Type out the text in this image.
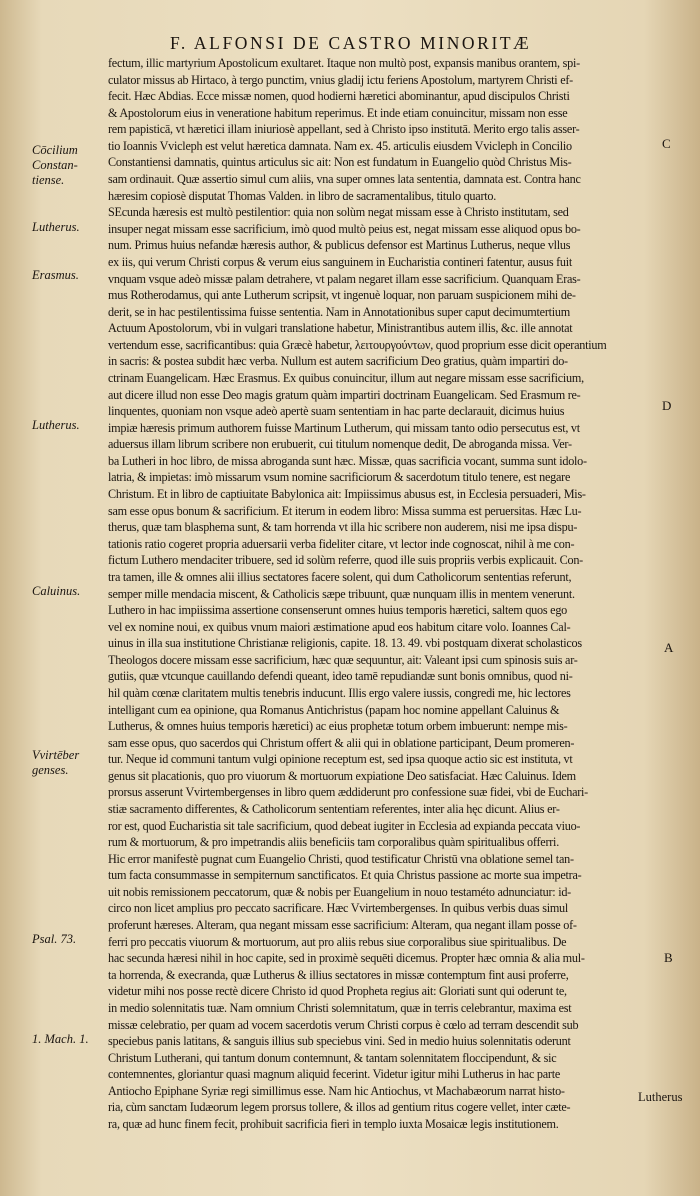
F. ALFONSI DE CASTRO MINORITÆ
fectum, illic martyrium Apostolicum exultaret. Itaque non multò post, expansis manibus orantem, spi-
culator missus ab Hirtaco, à tergo punctim, vnius gladij ictu feriens Apostolum, martyrem Christi ef-
fecit. Hæc Abdias. Ecce missæ nomen, quod hodierni hæretici abominantur, apud discipulos Christi
& Apostolorum eius in veneratione habitum reperimus. Et inde etiam conuincitur, missam non esse
rem papisticā, vt hæretici illam iniuriosè appellant, sed à Christo ipso institutā. Merito ergo talis asser-
tio Ioannis Vvicleph est velut hæretica damnata. Nam ex. 45. articulis eiusdem Vvicleph in Concilio
Constantiensi damnatis, quintus articulus sic ait: Non est fundatum in Euangelio quòd Christus Mis-
sam ordinauit. Quæ assertio simul cum aliis, vna super omnes lata sententia, damnata est. Contra hanc
hæresim copiosè disputat Thomas Valden. in libro de sacramentalibus, titulo quarto.
SEcunda hæresis est multò pestilentior: quia non solùm negat missam esse à Christo institutam, sed
insuper negat missam esse sacrificium, imò quod multò peius est, negat missam esse aliquod opus bo-
num. Primus huius nefandæ hæresis author, & publicus defensor est Martinus Lutherus, neque vllus
ex iis, qui verum Christi corpus & verum eius sanguinem in Eucharistia contineri fatentur, ausus fuit
vnquam vsque adeò missæ palam detrahere, vt palam negaret illam esse sacrificium. Quanquam Eras-
mus Rotherodamus, qui ante Lutherum scripsit, vt ingenuè loquar, non paruam suspicionem mihi de-
derit, se in hac pestilentissima fuisse sententia. Nam in Annotationibus super caput decimumtertium
Actuum Apostolorum, vbi in vulgari translatione habetur, Ministrantibus autem illis, &c. ille annotat
vertendum esse, sacrificantibus: quia Græcè habetur, λειτουργούντων, quod proprium esse dicit operantium
in sacris: & postea subdit hæc verba. Nullum est autem sacrificium Deo gratius, quàm impartiri do-
ctrinam Euangelicam. Hæc Erasmus. Ex quibus conuincitur, illum aut negare missam esse sacrificium,
aut dicere illud non esse Deo magis gratum quàm impartiri doctrinam Euangelicam. Sed Erasmum re-
linquentes, quoniam non vsque adeò apertè suam sententiam in hac parte declarauit, dicimus huius
impiæ hæresis primum authorem fuisse Martinum Lutherum, qui missam tanto odio persecutus est, vt
aduersus illam librum scribere non erubuerit, cui titulum nomenque dedit, De abroganda missa. Ver-
ba Lutheri in hoc libro, de missa abroganda sunt hæc. Missæ, quas sacrificia vocant, summa sunt idolo-
latria, & impietas: imò missarum vsum nomine sacrificiorum & sacerdotum titulo tenere, est negare
Christum. Et in libro de captiuitate Babylonica ait: Impiissimus abusus est, in Ecclesia persuaderi, Mis-
sam esse opus bonum & sacrificium. Et iterum in eodem libro: Missa summa est peruersitas. Hæc Lu-
therus, quæ tam blasphema sunt, & tam horrenda vt illa hic scribere non auderem, nisi me ipsa dispu-
tationis ratio cogeret propria aduersarii verba fideliter citare, vt lector inde cognoscat, nihil à me con-
fictum Luthero mendaciter tribuere, sed id solùm referre, quod ille suis propriis verbis explicauit. Con-
tra tamen, ille & omnes alii illius sectatores facere solent, qui dum Catholicorum sententias referunt,
semper mille mendacia miscent, & Catholicis sæpe tribuunt, quæ nunquam illis in mentem venerunt.
Luthero in hac impiissima assertione consenserunt omnes huius temporis hæretici, saltem quos ego
vel ex nomine noui, ex quibus vnum maiori æstimatione apud eos habitum citare volo. Ioannes Cal-
uinus in illa sua institutione Christianæ religionis, capite. 18. 13. 49. vbi postquam dixerat scholasticos
Theologos docere missam esse sacrificium, hæc quæ sequuntur, ait: Valeant ipsi cum spinosis suis ar-
gutiis, quæ vtcunque cauillando defendi queant, ideo tamē repudiandæ sunt bonis omnibus, quod ni-
hil quàm cœnæ claritatem multis tenebris inducunt. Illis ergo valere iussis, congredi me, hic lectores
intelligant cum ea opinione, qua Romanus Antichristus (papam hoc nomine appellant Caluinus &
Lutherus, & omnes huius temporis hæretici) ac eius prophetæ totum orbem imbuerunt: nempe mis-
sam esse opus, quo sacerdos qui Christum offert & alii qui in oblatione participant, Deum promeren-
tur. Neque id communi tantum vulgi opinione receptum est, sed ipsa quoque actio sic est instituta, vt
genus sit placationis, quo pro viuorum & mortuorum expiatione Deo satisfaciat. Hæc Caluinus. Idem
prorsus asserunt Vvirtembergenses in libro quem æddiderunt pro confessione suæ fidei, vbi de Euchari-
stiæ sacramento differentes, & Catholicorum sententiam referentes, inter alia hęc dicunt. Alius er-
ror est, quod Eucharistia sit tale sacrificium, quod debeat iugiter in Ecclesia ad expianda peccata viuo-
rum & mortuorum, & pro impetrandis aliis beneficiis tam corporalibus quàm spiritualibus offerri.
Hic error manifestè pugnat cum Euangelio Christi, quod testificatur Christū vna oblatione semel tan-
tum facta consummasse in sempiternum sanctificatos. Et quia Christus passione ac morte sua impetra-
uit nobis remissionem peccatorum, quæ & nobis per Euangelium in nouo testaméto adnunciatur: id-
circo non licet amplius pro peccato sacrificare. Hæc Vvirtembergenses. In quibus verbis duas simul
proferunt hæreses. Alteram, qua negant missam esse sacrificium: Alteram, qua negant illam posse of-
ferri pro peccatis viuorum & mortuorum, aut pro aliis rebus siue corporalibus siue spiritualibus. De
hac secunda hæresi nihil in hoc capite, sed in proximè sequēti dicemus. Propter hæc omnia & alia mul-
ta horrenda, & execranda, quæ Lutherus & illius sectatores in missæ contemptum fint ausi proferre,
videtur mihi nos posse rectè dicere Christo id quod Propheta regius ait: Gloriati sunt qui oderunt te,
in medio solennitatis tuæ. Nam omnium Christi solemnitatum, quæ in terris celebrantur, maxima est
missæ celebratio, per quam ad vocem sacerdotis verum Christi corpus è cœlo ad terram descendit sub
speciebus panis latitans, & sanguis illius sub speciebus vini. Sed in medio huius solennitatis oderunt
Christum Lutherani, qui tantum donum contemnunt, & tantam solennitatem floccipendunt, & sic
contemnentes, gloriantur quasi magnum aliquid fecerint. Videtur igitur mihi Lutherus in hac parte
Antiocho Epiphane Syriæ regi simillimus esse. Nam hic Antiochus, vt Machabæorum narrat histo-
ria, cùm sanctam Iudæorum legem prorsus tollere, & illos ad gentium ritus cogere vellet, inter cæte-
ra, quæ ad hunc finem fecit, prohibuit sacrificia fieri in templo iuxta Mosaicæ legis institutionem.
Cōcilium
Constan-
tiense.
Lutherus.
Erasmus.
Lutherus.
Caluinus.
Vvirtēber
genses.
Psal. 73.
1. Mach. 1.
C
D
A
B
Lutherus
